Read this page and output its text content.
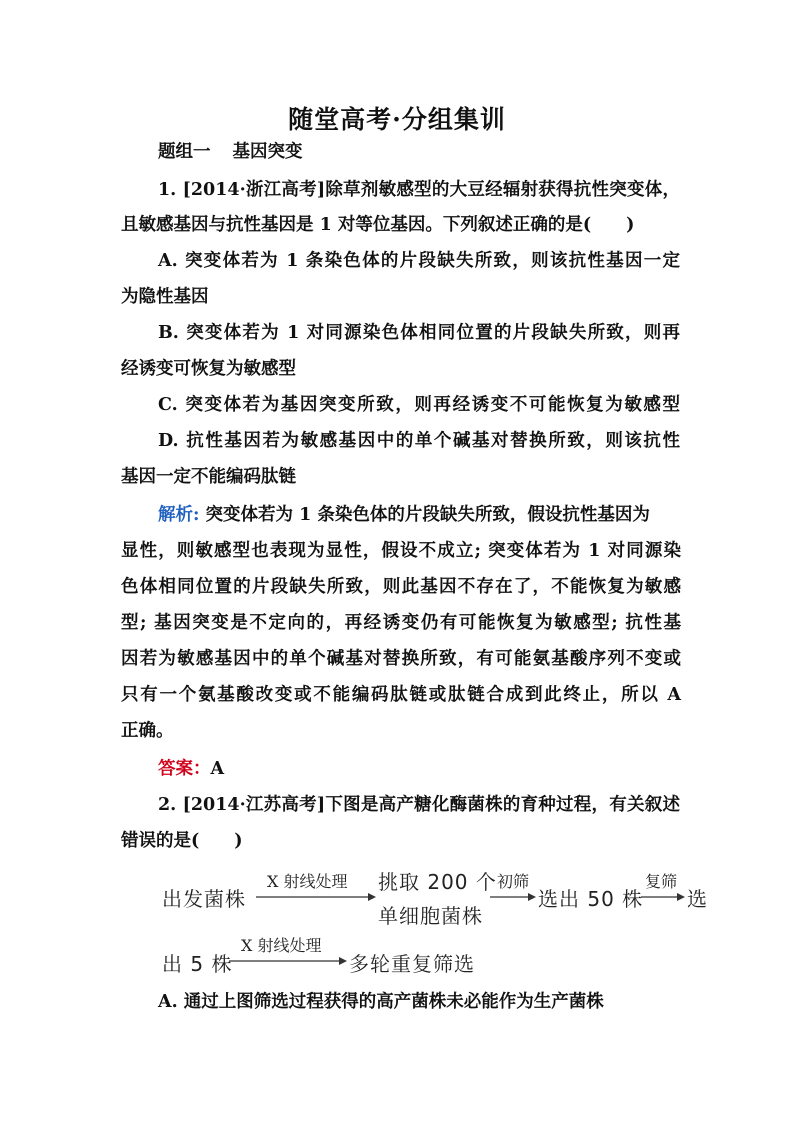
随堂高考·分组集训
题组一 基因突变
1. [2014·浙江高考]除草剂敏感型的大豆经辐射获得抗性突变体，
且敏感基因与抗性基因是 1 对等位基因。下列叙述正确的是(　　)
A. 突变体若为 1 条染色体的片段缺失所致，则该抗性基因一定
为隐性基因
B. 突变体若为 1 对同源染色体相同位置的片段缺失所致，则再
经诱变可恢复为敏感型
C. 突变体若为基因突变所致，则再经诱变不可能恢复为敏感型
D. 抗性基因若为敏感基因中的单个碱基对替换所致，则该抗性
基因一定不能编码肽链
解析: 突变体若为 1 条染色体的片段缺失所致，假设抗性基因为
显性，则敏感型也表现为显性，假设不成立; 突变体若为 1 对同源染
色体相同位置的片段缺失所致，则此基因不存在了，不能恢复为敏感
型; 基因突变是不定向的，再经诱变仍有可能恢复为敏感型; 抗性基
因若为敏感基因中的单个碱基对替换所致，有可能氨基酸序列不变或
只有一个氨基酸改变或不能编码肽链或肽链合成到此终止，所以 A
正确。
答案：A
2. [2014·江苏高考]下图是高产糖化酶菌株的育种过程，有关叙述
错误的是(　　)
出发菌株
X 射线处理 挑取 200 个
单细胞菌株
初筛
选出 50 株
复筛
选
出 5 株
X 射线处理
多轮重复筛选
A. 通过上图筛选过程获得的高产菌株未必能作为生产菌株
